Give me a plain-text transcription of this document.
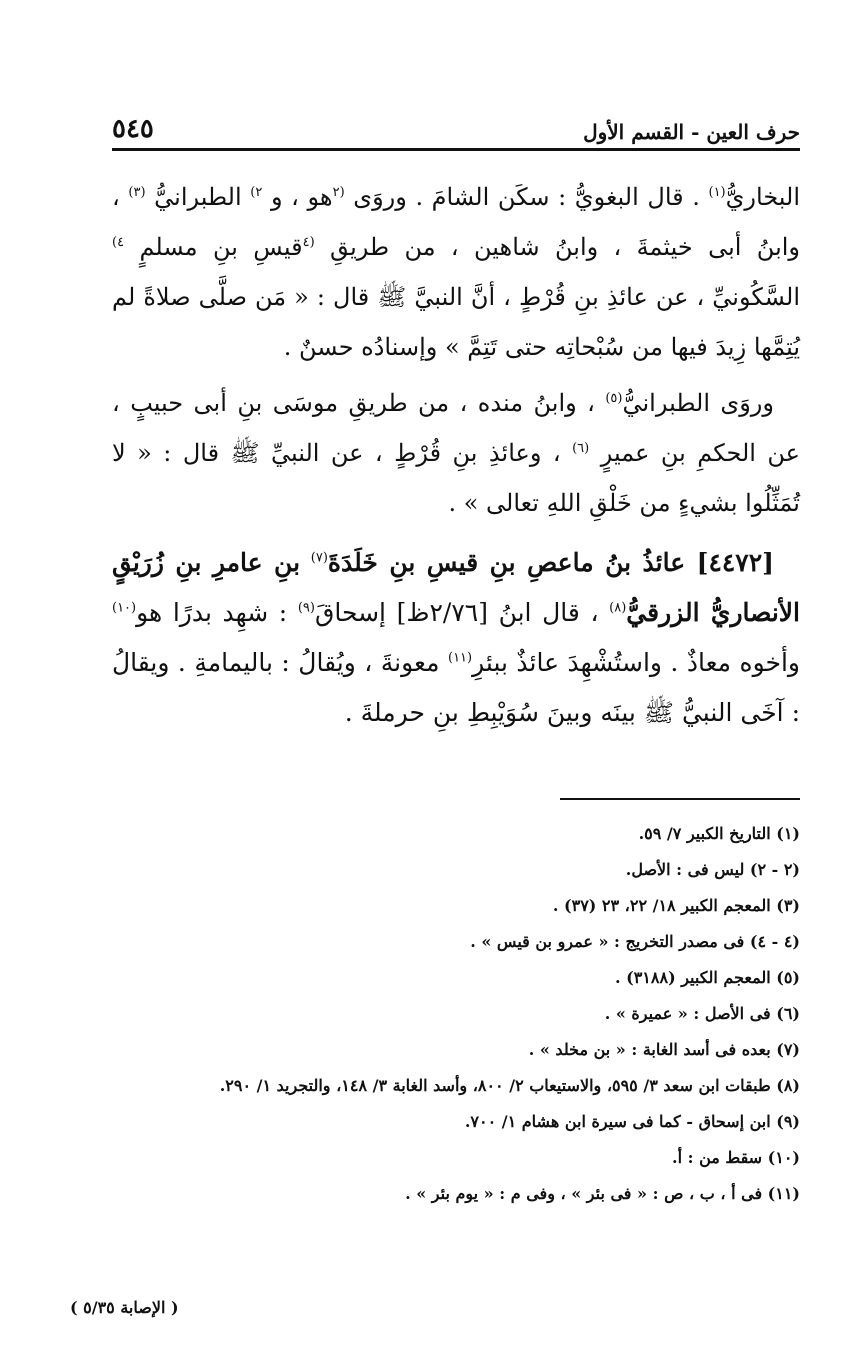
٥٤٥	حرف العين - القسم الأول

البخاريُّ$^{(١)}$ . قال البغويُّ : سكَن الشامَ . وروَى $^{(٢}$هو ، و $^{٢)}$ الطبرانيُّ $^{(٣)}$ ، وابنُ أبى خيثمةَ ، وابنُ شاهين ، من طريقِ $^{(٤}$قيسِ بنِ مسلمٍ $^{٤)}$ السَّكُونيِّ ، عن عائذِ بنِ قُرْطٍ ، أنَّ النبيَّ ﷺ قال : « مَن صلَّى صلاةً لم يُتِمَّها زِيدَ فيها من سُبْحاتِه حتى تَتِمَّ » وإسنادُه حسنٌ .

وروَى الطبرانيُّ$^{(٥)}$ ، وابنُ منده ، من طريقِ موسَى بنِ أبى حبيبٍ ، عن الحكمِ بنِ عميرٍ $^{(٦)}$ ، وعائذِ بنِ قُرْطٍ ، عن النبيِّ ﷺ قال : « لا تُمَثِّلُوا بشيءٍ من خَلْقِ اللهِ تعالى » .

[٤٤٧٢] عائذُ بنُ ماعصِ بنِ قيسِ بنِ خَلَدَةَ$^{(٧)}$ بنِ عامرِ بنِ زُرَيْقٍ الأنصاريُّ الزرقيُّ$^{(٨)}$ ، قال ابنُ [٢/٧٦ظ] إسحاقَ$^{(٩)}$ : شهِد بدرًا هو$^{(١٠)}$ وأخوه معاذٌ . واستُشْهِدَ عائذٌ ببئرِ$^{(١١)}$ معونةَ ، ويُقالُ : باليمامةِ . ويقالُ : آخَى النبيُّ ﷺ بينَه وبينَ سُوَيْبِطِ بنِ حرملةَ .

(١) التاريخ الكبير ٧/ ٥٩.

(٢ - ٢) ليس فى : الأصل.

(٣) المعجم الكبير ١٨/ ٢٢، ٢٣ (٣٧) .

(٤ - ٤) فى مصدر التخريج : « عمرو بن قيس » .

(٥) المعجم الكبير (٣١٨٨) .

(٦) فى الأصل : « عميرة » .

(٧) بعده فى أسد الغابة : « بن مخلد » .

(٨) طبقات ابن سعد ٣/ ٥٩٥، والاستيعاب ٢/ ٨٠٠، وأسد الغابة ٣/ ١٤٨، والتجريد ١/ ٢٩٠.

(٩) ابن إسحاق - كما فى سيرة ابن هشام ١/ ٧٠٠.

(١٠) سقط من : أ.

(١١) فى أ ، ب ، ص : « فى بئر » ، وفى م : « يوم بئر » .

( الإصابة ٥/٣٥ )
